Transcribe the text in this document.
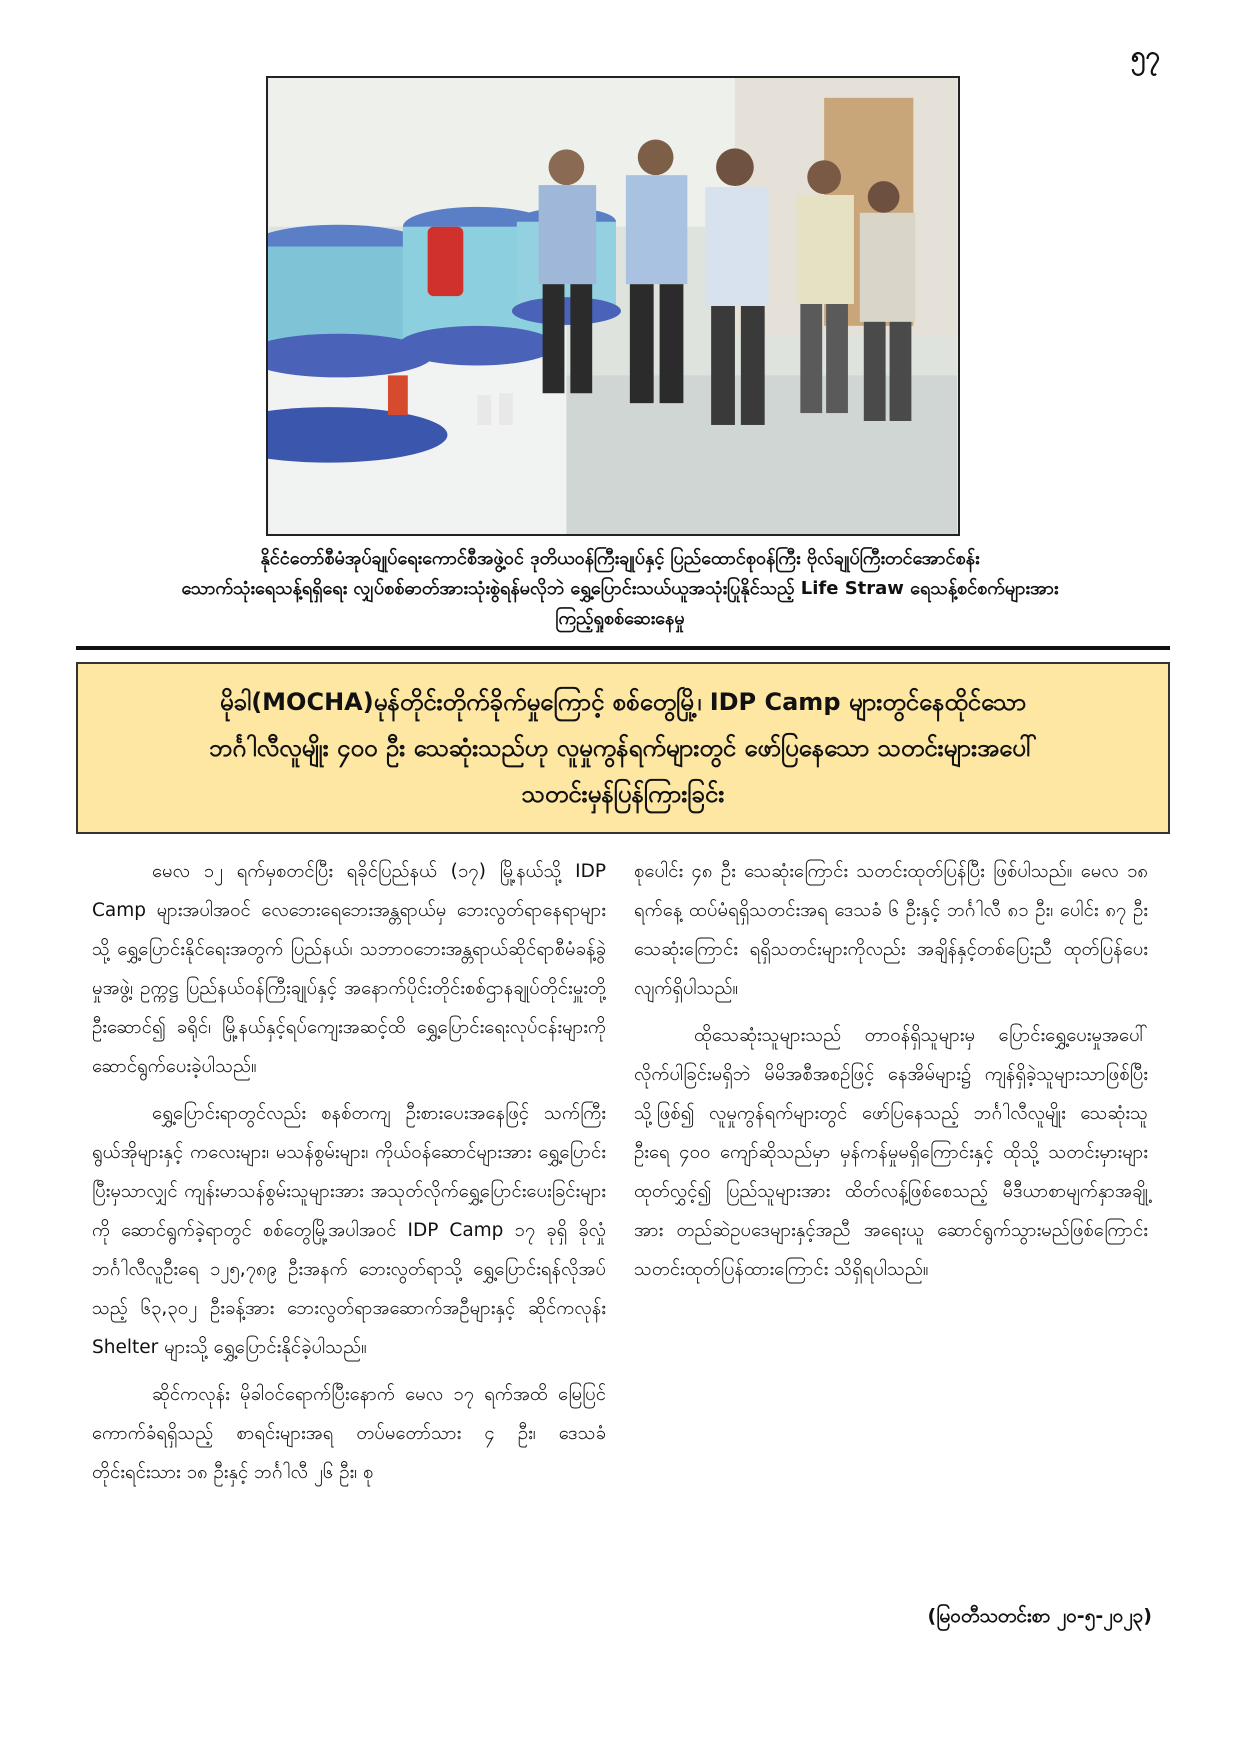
၅၇
နိုင်ငံတော်စီမံအုပ်ချုပ်ရေးကောင်စီအဖွဲ့ဝင် ဒုတိယဝန်ကြီးချုပ်နှင့် ပြည်ထောင်စုဝန်ကြီး ဗိုလ်ချုပ်ကြီးတင်အောင်စန်း
သောက်သုံးရေသန့်ရရှိရေး လျှပ်စစ်ဓာတ်အားသုံးစွဲရန်မလိုဘဲ ရွှေ့ပြောင်းသယ်ယူအသုံးပြုနိုင်သည့် Life Straw ရေသန့်စင်စက်များအား
ကြည့်ရှုစစ်ဆေးနေမှု
မိုခါ(MOCHA)မုန်တိုင်းတိုက်ခိုက်မှုကြောင့် စစ်တွေမြို့၊ IDP Camp များတွင်နေထိုင်သော
ဘင်္ဂါလီလူမျိုး ၄၀၀ ဦး သေဆုံးသည်ဟု လူမှုကွန်ရက်များတွင် ဖော်ပြနေသော သတင်းများအပေါ်
သတင်းမှန်ပြန်ကြားခြင်း

မေလ ၁၂ ရက်မှစတင်ပြီး ရခိုင်ပြည်နယ် (၁၇) မြို့နယ်သို့ IDP Camp များအပါအဝင် လေဘေးရေဘေးအန္တရာယ်မှ ဘေးလွတ်ရာနေရာများသို့ ရွှေ့ပြောင်းနိုင်ရေးအတွက် ပြည်နယ်၊ သဘာဝဘေးအန္တရာယ်ဆိုင်ရာစီမံခန့်ခွဲမှုအဖွဲ့၊ ဥက္ကဋ္ဌ ပြည်နယ်ဝန်ကြီးချုပ်နှင့် အနောက်ပိုင်းတိုင်းစစ်ဌာနချုပ်တိုင်းမှူးတို့ ဦးဆောင်၍ ခရိုင်၊ မြို့နယ်နှင့်ရပ်ကျေးအဆင့်ထိ ရွှေ့ပြောင်းရေးလုပ်ငန်းများကို ဆောင်ရွက်ပေးခဲ့ပါသည်။

ရွှေ့ပြောင်းရာတွင်လည်း စနစ်တကျ ဦးစားပေးအနေဖြင့် သက်ကြီးရွယ်အိုများနှင့် ကလေးများ၊ မသန်စွမ်းများ၊ ကိုယ်ဝန်ဆောင်များအား ရွှေ့ပြောင်းပြီးမှသာလျှင် ကျန်းမာသန်စွမ်းသူများအား အသုတ်လိုက်ရွှေ့ပြောင်းပေးခြင်းများကို ဆောင်ရွက်ခဲ့ရာတွင် စစ်တွေမြို့အပါအဝင် IDP Camp ၁၇ ခုရှိ ခိုလှုံဘင်္ဂါလီလူဦးရေ ၁၂၅,၇၈၉ ဦးအနက် ဘေးလွတ်ရာသို့ ရွှေ့ပြောင်းရန်လိုအပ်သည့် ၆၃,၃၀၂ ဦးခန့်အား ဘေးလွတ်ရာအဆောက်အဦများနှင့် ဆိုင်ကလုန်း Shelter များသို့ ရွှေ့ပြောင်းနိုင်ခဲ့ပါသည်။

ဆိုင်ကလုန်း မိုခါဝင်ရောက်ပြီးနောက် မေလ ၁၇ ရက်အထိ မြေပြင်ကောက်ခံရရှိသည့် စာရင်းများအရ တပ်မတော်သား ၄ ဦး၊ ဒေသခံတိုင်းရင်းသား ၁၈ ဦးနှင့် ဘင်္ဂါလီ ၂၆ ဦး၊ စု

စုပေါင်း ၄၈ ဦး သေဆုံးကြောင်း သတင်းထုတ်ပြန်ပြီး ဖြစ်ပါသည်။ မေလ ၁၈ ရက်နေ့ ထပ်မံရရှိသတင်းအရ ဒေသခံ ၆ ဦးနှင့် ဘင်္ဂါလီ ၈၁ ဦး၊ ပေါင်း ၈၇ ဦး သေဆုံးကြောင်း ရရှိသတင်းများကိုလည်း အချိန်နှင့်တစ်ပြေးညီ ထုတ်ပြန်ပေးလျက်ရှိပါသည်။

ထိုသေဆုံးသူများသည် တာဝန်ရှိသူများမှ ပြောင်းရွှေ့ပေးမှုအပေါ် လိုက်ပါခြင်းမရှိဘဲ မိမိအစီအစဉ်ဖြင့် နေအိမ်များ၌ ကျန်ရှိခဲ့သူများသာဖြစ်ပြီး သို့ဖြစ်၍ လူမှုကွန်ရက်များတွင် ဖော်ပြနေသည့် ဘင်္ဂါလီလူမျိုး သေဆုံးသူဦးရေ ၄၀၀ ကျော်ဆိုသည်မှာ မှန်ကန်မှုမရှိကြောင်းနှင့် ထိုသို့ သတင်းမှားများ ထုတ်လွှင့်၍ ပြည်သူများအား ထိတ်လန့်ဖြစ်စေသည့် မီဒီယာစာမျက်နှာအချို့အား တည်ဆဲဥပဒေများနှင့်အညီ အရေးယူ ဆောင်ရွက်သွားမည်ဖြစ်ကြောင်း သတင်းထုတ်ပြန်ထားကြောင်း သိရှိရပါသည်။

(မြဝတီသတင်းစာ ၂၀-၅-၂၀၂၃)
